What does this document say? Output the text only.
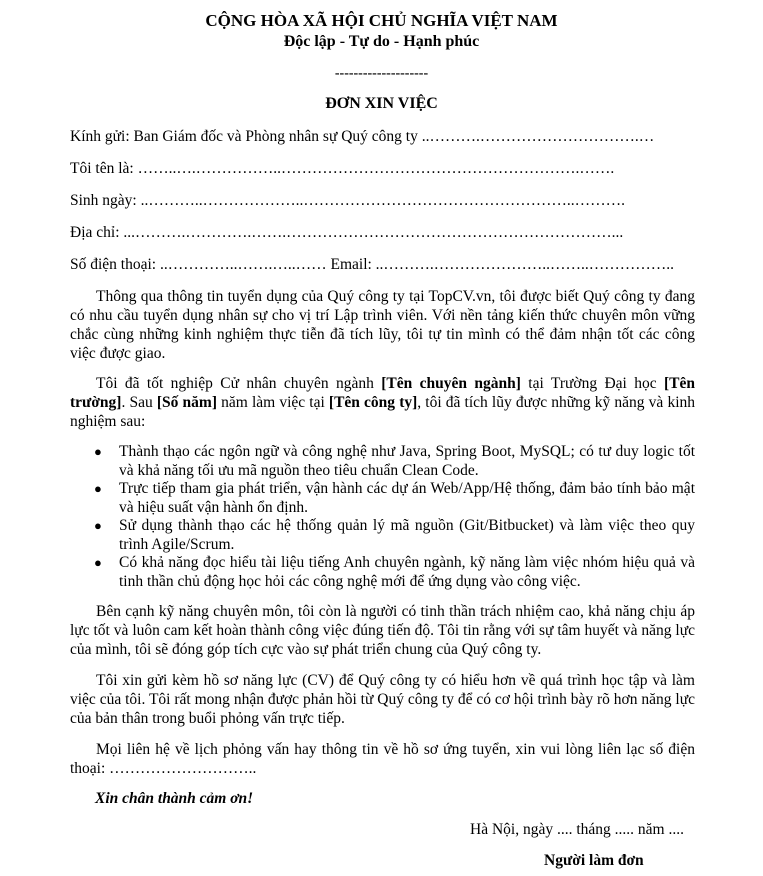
CỘNG HÒA XÃ HỘI CHỦ NGHĨA VIỆT NAM
Độc lập - Tự do - Hạnh phúc
--------------------
ĐƠN XIN VIỆC
Kính gửi: Ban Giám đốc và Phòng nhân sự Quý công ty ..……….………………………….…
Tôi tên là: ……..….……………..………………………………………………….…….
Sinh ngày: ..………..………………..……………………………………………..……….
Địa chỉ: ...……….………….…….………………………………………………………...
Số điện thoại: ..…………..…….…..…… Email: ..……….…………………..……..……………..
Thông qua thông tin tuyển dụng của Quý công ty tại TopCV.vn, tôi được biết Quý công ty đang có nhu cầu tuyển dụng nhân sự cho vị trí Lập trình viên. Với nền tảng kiến thức chuyên môn vững chắc cùng những kinh nghiệm thực tiễn đã tích lũy, tôi tự tin mình có thể đảm nhận tốt các công việc được giao.
Tôi đã tốt nghiệp Cử nhân chuyên ngành [Tên chuyên ngành] tại Trường Đại học [Tên trường]. Sau [Số năm] năm làm việc tại [Tên công ty], tôi đã tích lũy được những kỹ năng và kinh nghiệm sau:
● Thành thạo các ngôn ngữ và công nghệ như Java, Spring Boot, MySQL; có tư duy logic tốt và khả năng tối ưu mã nguồn theo tiêu chuẩn Clean Code.
● Trực tiếp tham gia phát triển, vận hành các dự án Web/App/Hệ thống, đảm bảo tính bảo mật và hiệu suất vận hành ổn định.
● Sử dụng thành thạo các hệ thống quản lý mã nguồn (Git/Bitbucket) và làm việc theo quy trình Agile/Scrum.
● Có khả năng đọc hiểu tài liệu tiếng Anh chuyên ngành, kỹ năng làm việc nhóm hiệu quả và tinh thần chủ động học hỏi các công nghệ mới để ứng dụng vào công việc.
Bên cạnh kỹ năng chuyên môn, tôi còn là người có tinh thần trách nhiệm cao, khả năng chịu áp lực tốt và luôn cam kết hoàn thành công việc đúng tiến độ. Tôi tin rằng với sự tâm huyết và năng lực của mình, tôi sẽ đóng góp tích cực vào sự phát triển chung của Quý công ty.
Tôi xin gửi kèm hồ sơ năng lực (CV) để Quý công ty có hiểu hơn về quá trình học tập và làm việc của tôi. Tôi rất mong nhận được phản hồi từ Quý công ty để có cơ hội trình bày rõ hơn năng lực của bản thân trong buổi phỏng vấn trực tiếp.
Mọi liên hệ về lịch phỏng vấn hay thông tin về hồ sơ ứng tuyển, xin vui lòng liên lạc số điện thoại: ………………………..
Xin chân thành cảm ơn!
Hà Nội, ngày .... tháng ..... năm ....
Người làm đơn
